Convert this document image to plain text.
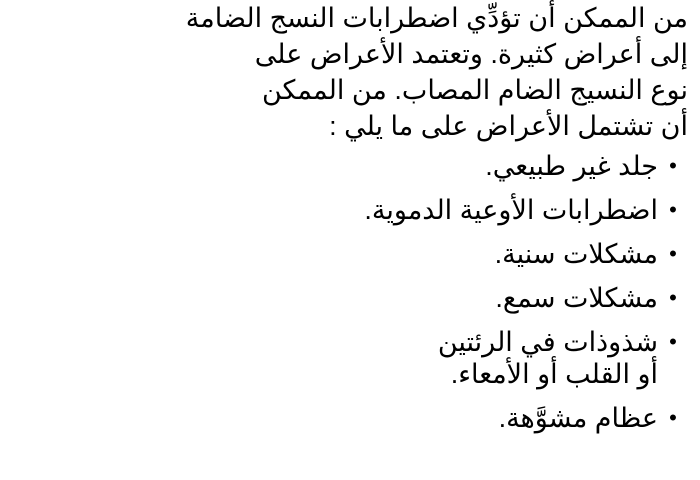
من الممكن أن تؤدِّي اضطرابات النسج الضامة

إلى أعراض كثيرة. وتعتمد الأعراض على

نوع النسيج الضام المصاب. من الممكن

أن تشتمل الأعراض على ما يلي :

•
جلد غير طبيعي.
•
اضطرابات الأوعية الدموية.
•
مشكلات سنية.
•
مشكلات سمع.
•
شذوذات في الرئتين
أو القلب أو الأمعاء.
•
عظام مشوَّهة.
